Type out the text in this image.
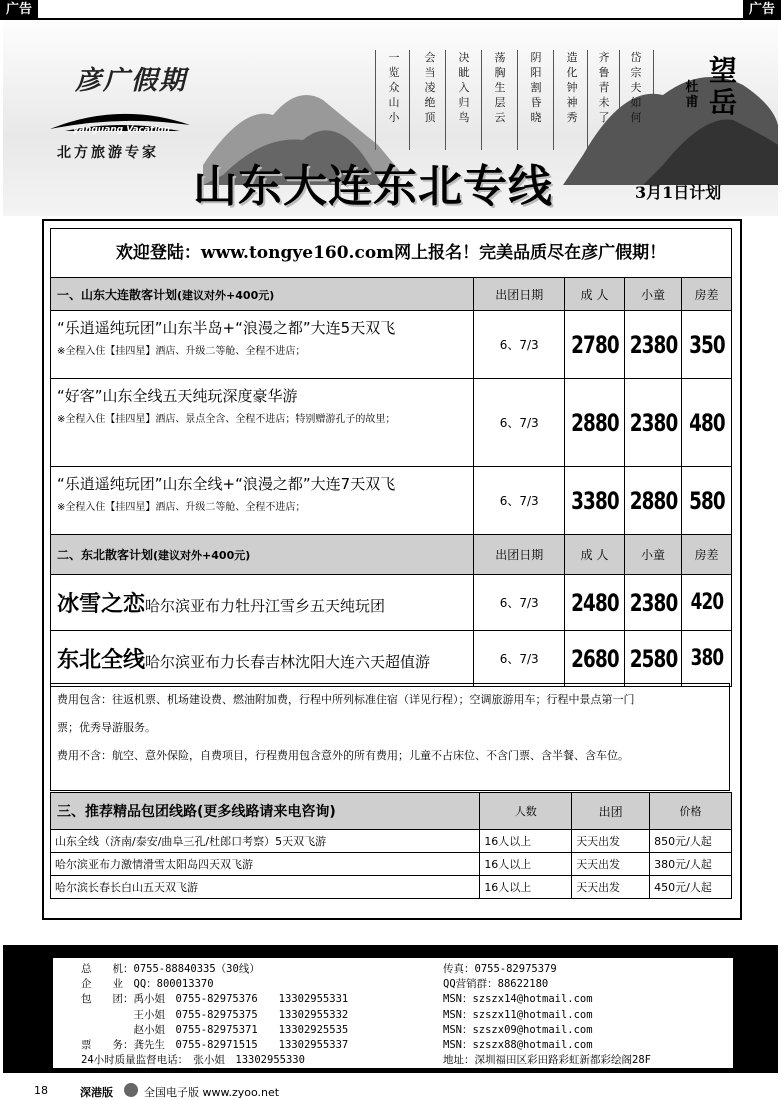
广告	广告
彦广假期
yanguang Vacation
北方旅游专家
望岳
杜甫
岱宗夫如何
齐鲁青未了
造化钟神秀
阴阳割昏晓
荡胸生层云
决眦入归鸟
会当凌绝顶
一览众山小
山东大连东北专线	3月1日计划
欢迎登陆：www.tongye160.com网上报名！完美品质尽在彦广假期！
一、山东大连散客计划(建议对外+400元)	出团日期	成 人	小童	房差

“乐逍遥纯玩团”山东半岛+“浪漫之都”大连5天双飞
※全程入住【挂四星】酒店、升级二等舱、全程不进店；	6、7/3	2780	2380	350

“好客”山东全线五天纯玩深度豪华游
※全程入住【挂四星】酒店、景点全含、全程不进店；特别赠游孔子的故里；	6、7/3	2880	2380	480

“乐逍遥纯玩团”山东全线+“浪漫之都”大连7天双飞
※全程入住【挂四星】酒店、升级二等舱、全程不进店；	6、7/3	3380	2880	580
二、东北散客计划(建议对外+400元)	出团日期	成 人	小童	房差
冰雪之恋哈尔滨亚布力牡丹江雪乡五天纯玩团	6、7/3	2480	2380	420
东北全线哈尔滨亚布力长春吉林沈阳大连六天超值游	6、7/3	2680	2580	380
费用包含：往返机票、机场建设费、燃油附加费，行程中所列标准住宿（详见行程）；空调旅游用车；行程中景点第一门
票；优秀导游服务。
费用不含：航空、意外保险，自费项目，行程费用包含意外的所有费用；儿童不占床位、不含门票、含半餐、含车位。
三、推荐精品包团线路(更多线路请来电咨询)	人数	出团	价格
山东全线（济南/泰安/曲阜三孔/杜郎口考察）5天双飞游	16人以上	天天出发	850元/人起
哈尔滨亚布力激情滑雪太阳岛四天双飞游	16人以上	天天出发	380元/人起
哈尔滨长春长白山五天双飞游	16人以上	天天出发	450元/人起
总　　机：0755-88840335（30线）
企　　业　QQ：800013370
包　　团：禹小姐　0755-82975376　　13302955331
　　　　　王小姐　0755-82975375　　13302955332
　　　　　赵小姐　0755-82975371　　13302925535
票　　务：龚先生　0755-82971515　　13302955337
24小时质量监督电话：　张小姐　13302955330
传真：0755-82975379
QQ营销群：88622180
MSN：szszx14@hotmail.com
MSN：szszx11@hotmail.com
MSN：szszx09@hotmail.com
MSN：szszx88@hotmail.com
地址：深圳福田区彩田路彩虹新都彩绘阁28F
18	深港版	全国电子版 www.zyoo.net
